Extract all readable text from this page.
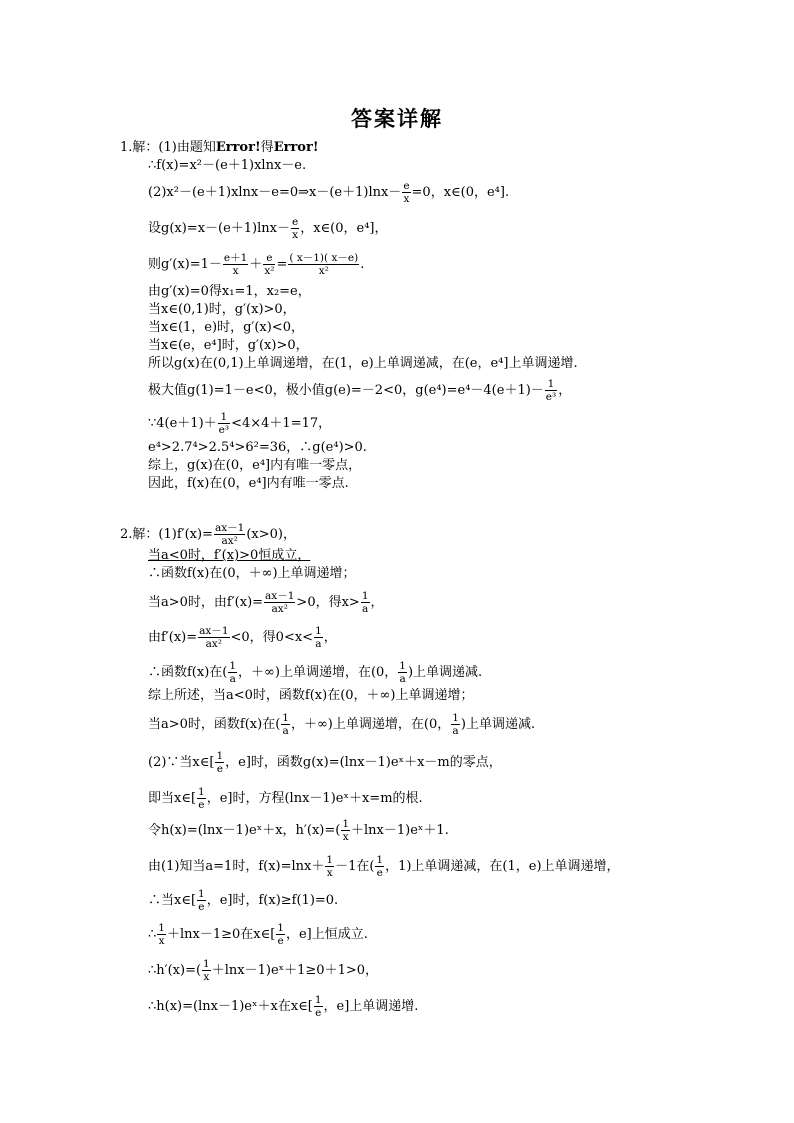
答案详解
1.解：(1)由题知Error!得Error!
∴f(x)=x²－(e＋1)xlnx－e.
(2)x²－(e＋1)xlnx－e=0⇒x－(e＋1)lnx－ $\frac{e}{x} =0$，x∈(0，e⁴].
设$g(x)=x-(e+1)\ln x- \frac{e}{x}$ ，x∈(0，e⁴]，
则$g'(x)=1- \frac{e+1}{x} + \frac{e}{\text{x²}} = \frac{( x-1)( x-e)}{\text{x²}}$ .
由g′(x)=0得x₁=1，x₂=e，
当x∈(0,1)时，g′(x)>0，
当x∈(1，e)时，g′(x)<0，
当x∈(e，e⁴]时，g′(x)>0，
所以g(x)在(0,1)上单调递增，在(1，e)上单调递减，在(e，e⁴]上单调递增.
极大值g(1)=1－e<0，极小值g(e)=－2<0，$g(e^4)=e^4-4(e+1)- \frac{1}{\text{e³}}$ ，
∵4(e＋1)＋ $\frac{1}{\text{e³}} <4\times 4+1=17$，
e⁴>2.7⁴>2.5⁴>6²=36，∴g(e⁴)>0.
综上，g(x)在(0，e⁴]内有唯一零点，
因此，f(x)在(0，e⁴]内有唯一零点.
2.解：$(1)f'(x)= \frac{ax-1}{\text{ax²}} (x>0)$，
当a<0时，f′(x)>0恒成立，
∴函数f(x)在(0，＋∞)上单调递增；
当a>0时，由$f'(x)= \frac{ax-1}{\text{ax²}} >0$，得$x> \frac{1}{a}$ ，
由$f'(x)= \frac{ax-1}{\text{ax²}} <0$，得$0<x< \frac{1}{a}$ ，
∴函数f(x)在( $\frac{1}{a}$ ，＋∞)上单调递增，在(0， $\frac{1}{a}$ )上单调递减.
综上所述，当a<0时，函数f(x)在(0，＋∞)上单调递增；
当a>0时，函数f(x)在( $\frac{1}{a}$ ，＋∞)上单调递增，在(0， $\frac{1}{a}$ )上单调递减.
(2)∵当x∈[ $\frac{1}{e}$ ，e]时，函数g(x)=(lnx－1)eˣ＋x－m的零点，
即当x∈[ $\frac{1}{e}$ ，e]时，方程(lnx－1)eˣ＋x=m的根.
令h(x)=(lnx－1)eˣ＋x，$h'(x)=( \frac{1}{x}$ ＋lnx－1)eˣ＋1.
由(1)知当a=1时，$f(x)=\ln x+ \frac{1}{x} -1$在( $\frac{1}{e}$ ，1)上单调递减，在(1，e)上单调递增，
∴当x∈[ $\frac{1}{e}$ ，e]时，f(x)≥f(1)=0.
∴ $\frac{1}{x} +\ln x-1\ge 0$在x∈[ $\frac{1}{e}$ ，e]上恒成立.
∴h′(x)=( $\frac{1}{x}$ ＋lnx－1)eˣ＋1≥0＋1>0，
∴h(x)=(lnx－1)eˣ＋x在x∈[ $\frac{1}{e}$ ，e]上单调递增.
